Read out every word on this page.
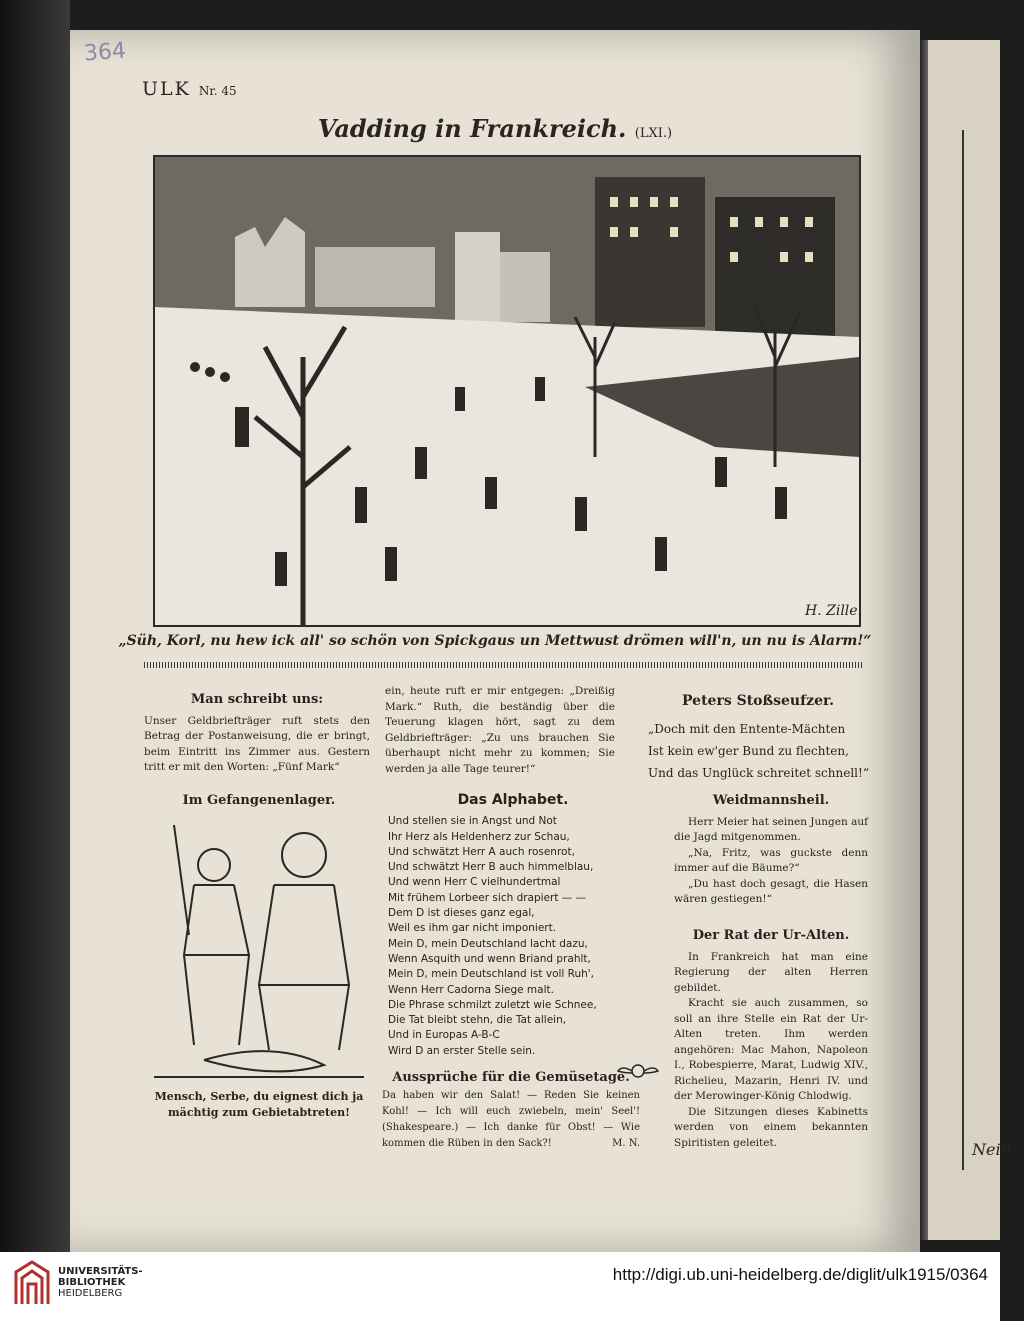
364
ULK Nr. 45
Vadding in Frankreich. (LXI.)
H. Zille.
„Süh, Korl, nu hew ick all' so schön von Spickgaus un Mettwust drömen will'n, un nu is Alarm!“
Man schreibt uns:

Unser Geldbriefträger ruft stets den Betrag der Postanweisung, die er bringt, beim Eintritt ins Zimmer aus. Gestern tritt er mit den Worten: „Fünf Mark“

ein, heute ruft er mir entgegen: „Dreißig Mark.“ Ruth, die beständig über die Teuerung klagen hört, sagt zu dem Geldbriefträger: „Zu uns brauchen Sie überhaupt nicht mehr zu kommen; Sie werden ja alle Tage teurer!“

Peters Stoßseufzer.
„Doch mit den Entente-Mächten
Ist kein ew'ger Bund zu flechten,
Und das Unglück schreitet schnell!“
Im Gefangenenlager.
Mensch, Serbe, du eignest dich ja mächtig zum Gebietabtreten!
Das Alphabet.
Und stellen sie in Angst und Not
Ihr Herz als Heldenherz zur Schau,
Und schwätzt Herr A auch rosenrot,
Und schwätzt Herr B auch himmelblau,
Und wenn Herr C vielhundertmal
Mit frühem Lorbeer sich drapiert — —
Dem D ist dieses ganz egal,
Weil es ihm gar nicht imponiert.
Mein D, mein Deutschland lacht dazu,
Wenn Asquith und wenn Briand prahlt,
Mein D, mein Deutschland ist voll Ruh',
Wenn Herr Cadorna Siege malt.
Die Phrase schmilzt zuletzt wie Schnee,
Die Tat bleibt stehn, die Tat allein,
Und in Europas A-B-C
Wird D an erster Stelle sein.
Aussprüche für die Gemüsetage.

Da haben wir den Salat! — Reden Sie keinen Kohl! — Ich will euch zwiebeln, mein' Seel'! (Shakespeare.) — Ich danke für Obst! — Wie kommen die Rüben in den Sack?!	M. N.

Weidmannsheil.

Herr Meier hat seinen Jungen auf die Jagd mitgenommen.

„Na, Fritz, was guckste denn immer auf die Bäume?“

„Du hast doch gesagt, die Hasen wären gestiegen!“

Der Rat der Ur-Alten.

In Frankreich hat man eine Regierung der alten Herren gebildet.

Kracht sie auch zusammen, so soll an ihre Stelle ein Rat der Ur-Alten treten. Ihm werden angehören: Mac Mahon, Napoleon I., Robespierre, Marat, Ludwig XIV., Richelieu, Mazarin, Henri IV. und der Merowinger-König Chlodwig.

Die Sitzungen dieses Kabinetts werden von einem bekannten Spiritisten geleitet.	Nein
UNIVERSITÄTS-
BIBLIOTHEK
HEIDELBERG
http://digi.ub.uni-heidelberg.de/diglit/ulk1915/0364
